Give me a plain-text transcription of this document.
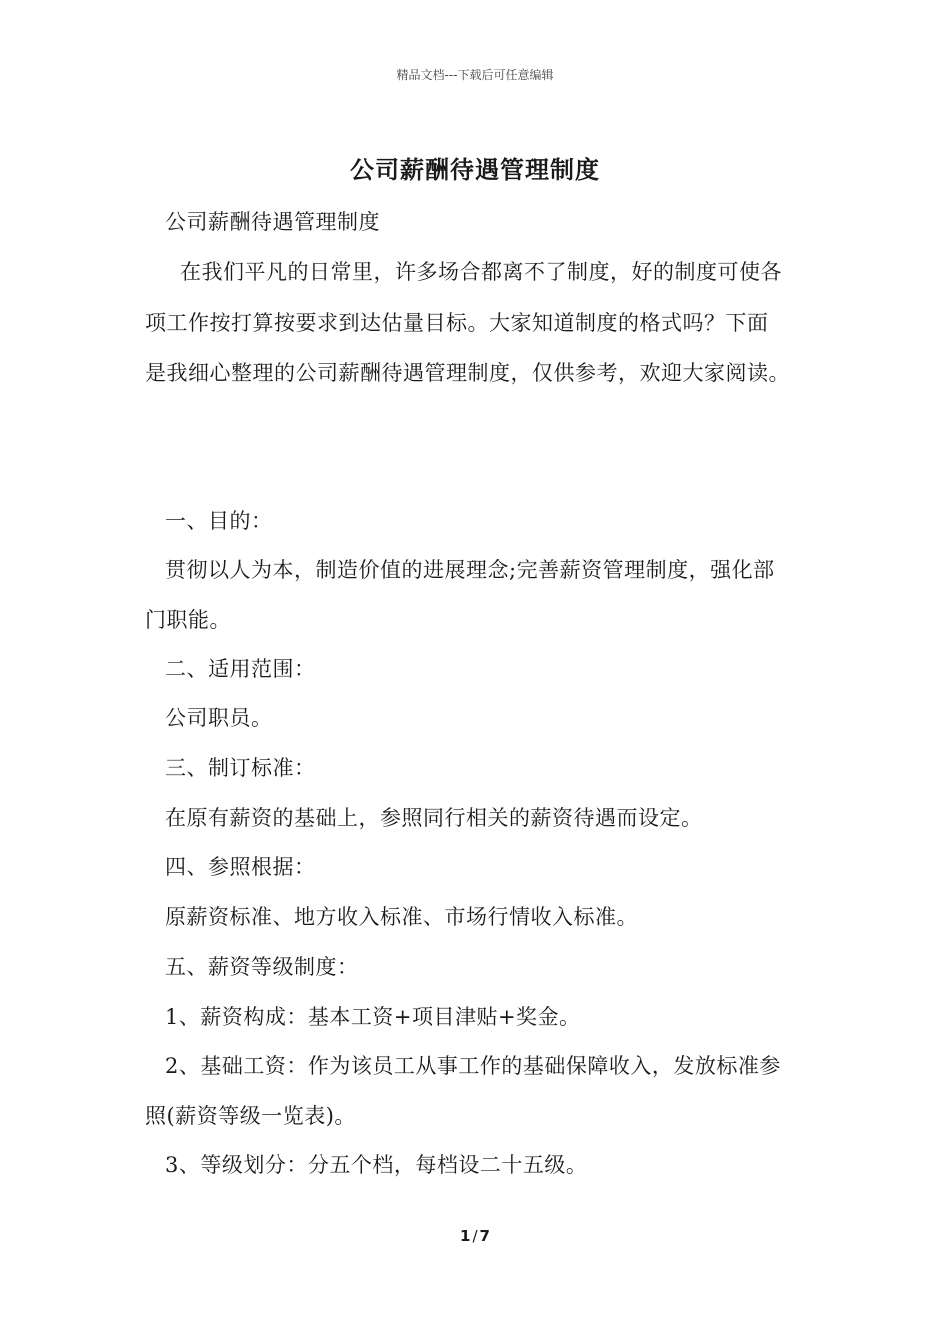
精品文档---下载后可任意编辑
公司薪酬待遇管理制度
公司薪酬待遇管理制度
在我们平凡的日常里，许多场合都离不了制度，好的制度可使各
项工作按打算按要求到达估量目标。大家知道制度的格式吗？下面
是我细心整理的公司薪酬待遇管理制度，仅供参考，欢迎大家阅读。
一、目的：
贯彻以人为本，制造价值的进展理念;完善薪资管理制度，强化部
门职能。
二、适用范围：
公司职员。
三、制订标准：
在原有薪资的基础上，参照同行相关的薪资待遇而设定。
四、参照根据：
原薪资标准、地方收入标准、市场行情收入标准。
五、薪资等级制度：
1、薪资构成：基本工资+项目津贴+奖金。
2、基础工资：作为该员工从事工作的基础保障收入，发放标准参
照(薪资等级一览表)。
3、等级划分：分五个档，每档设二十五级。
1 / 7
